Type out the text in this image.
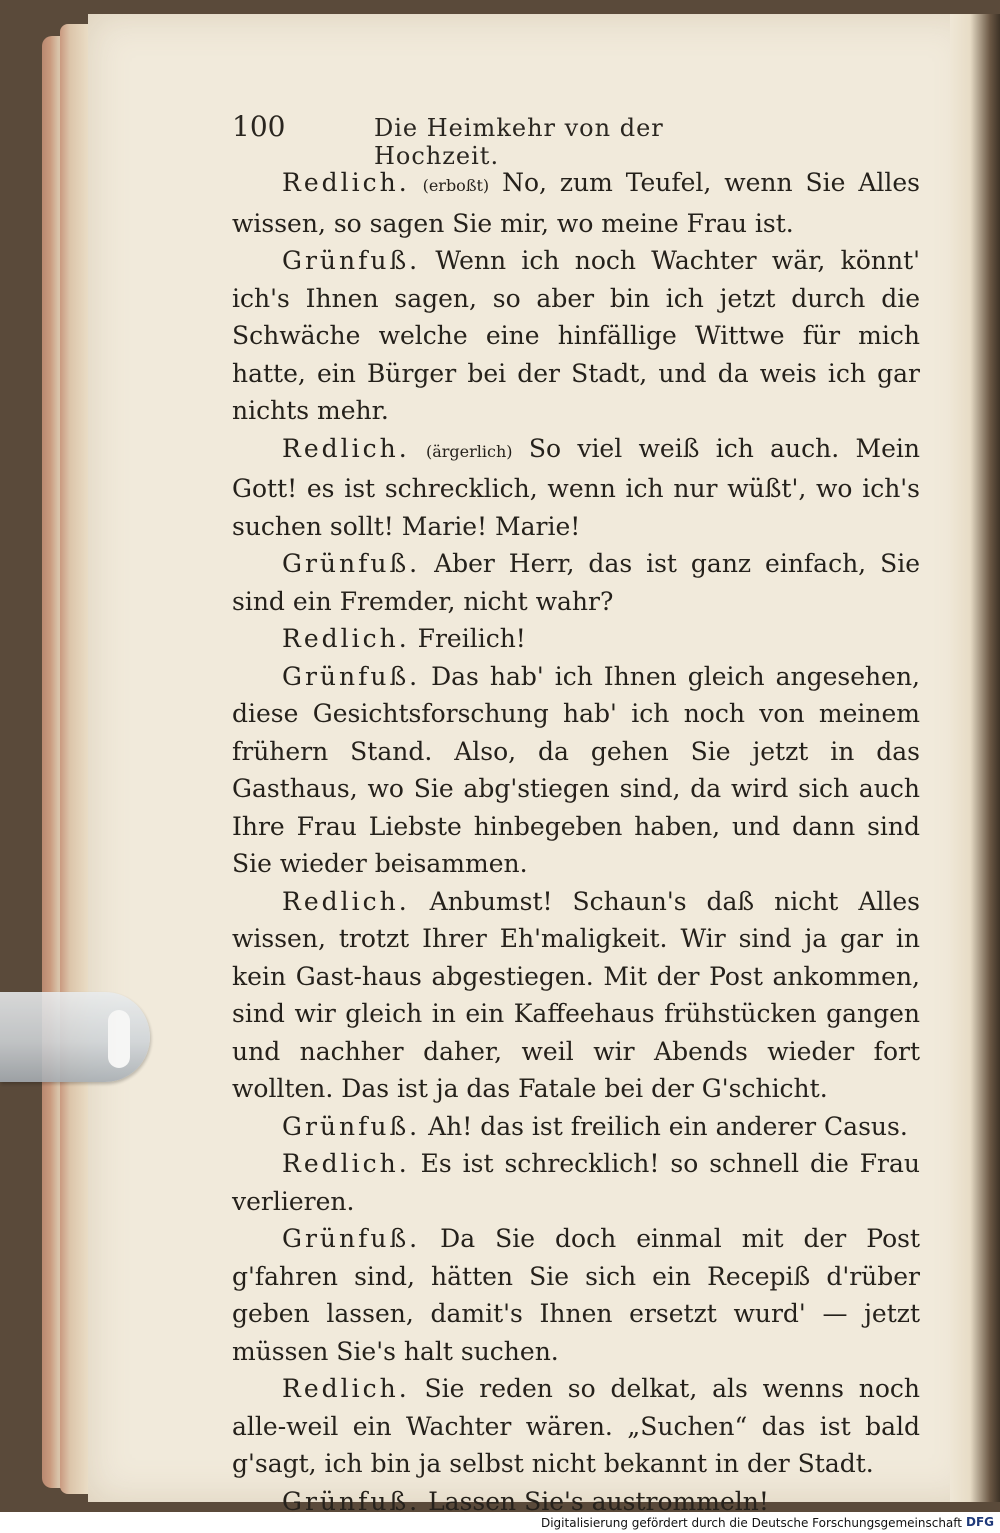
100	Die Heimkehr von der Hochzeit.

Redlich. (erboßt) No, zum Teufel, wenn Sie Alles wissen, so sagen Sie mir, wo meine Frau ist.

Grünfuß. Wenn ich noch Wachter wär, könnt' ich's Ihnen sagen, so aber bin ich jetzt durch die Schwäche welche eine hinfällige Wittwe für mich hatte, ein Bürger bei der Stadt, und da weis ich gar nichts mehr.

Redlich. (ärgerlich) So viel weiß ich auch. Mein Gott! es ist schrecklich, wenn ich nur wüßt', wo ich's suchen sollt! Marie! Marie!

Grünfuß. Aber Herr, das ist ganz einfach, Sie sind ein Fremder, nicht wahr?

Redlich. Freilich!

Grünfuß. Das hab' ich Ihnen gleich angesehen, diese Gesichtsforschung hab' ich noch von meinem frühern Stand. Also, da gehen Sie jetzt in das Gasthaus, wo Sie abg'stiegen sind, da wird sich auch Ihre Frau Liebste hinbegeben haben, und dann sind Sie wieder beisammen.

Redlich. Anbumst! Schaun's daß nicht Alles wissen, trotzt Ihrer Eh'maligkeit. Wir sind ja gar in kein Gast-haus abgestiegen. Mit der Post ankommen, sind wir gleich in ein Kaffeehaus frühstücken gangen und nachher daher, weil wir Abends wieder fort wollten. Das ist ja das Fatale bei der G'schicht.

Grünfuß. Ah! das ist freilich ein anderer Casus.

Redlich. Es ist schrecklich! so schnell die Frau verlieren.

Grünfuß. Da Sie doch einmal mit der Post g'fahren sind, hätten Sie sich ein Recepiß d'rüber geben lassen, damit's Ihnen ersetzt wurd' — jetzt müssen Sie's halt suchen.

Redlich. Sie reden so delkat, als wenns noch alle-weil ein Wachter wären. „Suchen“ das ist bald g'sagt, ich bin ja selbst nicht bekannt in der Stadt.

Grünfuß. Lassen Sie's austrommeln!

Digitalisierung gefördert durch die Deutsche Forschungsgemeinschaft DFG
